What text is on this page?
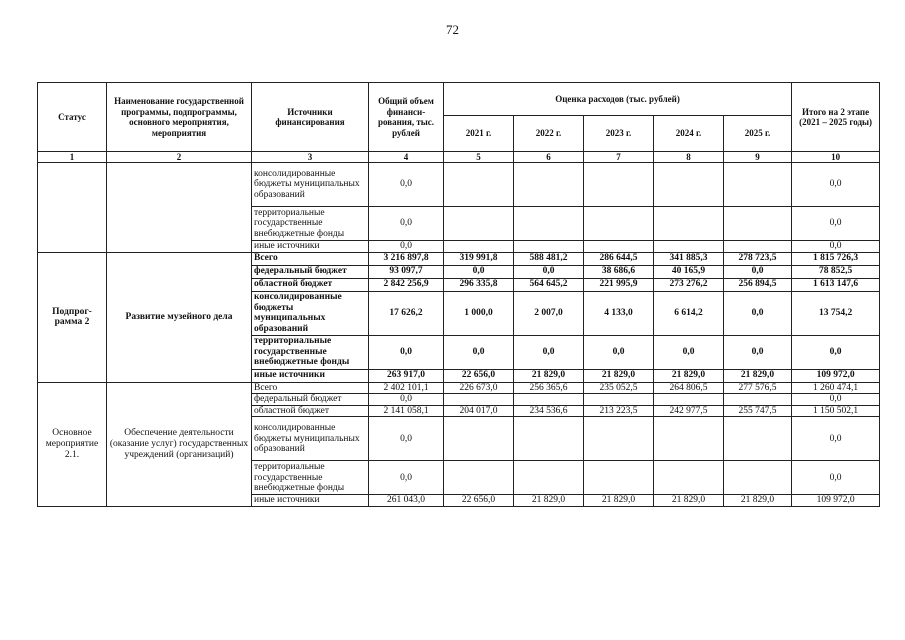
72
Статус	Наименование государственной программы, подпрограммы, основного мероприятия, мероприятия	Источники финансирования	Общий объем финанси-рования, тыс. рублей	Оценка расходов (тыс. рублей)					Итого на 2 этапе (2021 – 2025 годы)
				2021 г.	2022 г.	2023 г.	2024 г.	2025 г.	
1	2	3	4	5	6	7	8	9	10
		консолидированные бюджеты муниципальных образований	0,0						0,0
		территориальные государственные внебюджетные фонды	0,0						0,0
		иные источники	0,0						0,0
Подпрог-рамма 2	Развитие музейного дела	Всего	3 216 897,8	319 991,8	588 481,2	286 644,5	341 885,3	278 723,5	1 815 726,3
		федеральный бюджет	93 097,7	0,0	0,0	38 686,6	40 165,9	0,0	78 852,5
		областной бюджет	2 842 256,9	296 335,8	564 645,2	221 995,9	273 276,2	256 894,5	1 613 147,6
		консолидированные бюджеты муниципальных образований	17 626,2	1 000,0	2 007,0	4 133,0	6 614,2	0,0	13 754,2
		территориальные государственные внебюджетные фонды	0,0	0,0	0,0	0,0	0,0	0,0	0,0
		иные источники	263 917,0	22 656,0	21 829,0	21 829,0	21 829,0	21 829,0	109 972,0
Основное мероприятие 2.1.	Обеспечение деятельности (оказание услуг) государственных учреждений (организаций)	Всего	2 402 101,1	226 673,0	256 365,6	235 052,5	264 806,5	277 576,5	1 260 474,1
		федеральный бюджет	0,0						0,0
		областной бюджет	2 141 058,1	204 017,0	234 536,6	213 223,5	242 977,5	255 747,5	1 150 502,1
		консолидированные бюджеты муниципальных образований	0,0						0,0
		территориальные государственные внебюджетные фонды	0,0						0,0
		иные источники	261 043,0	22 656,0	21 829,0	21 829,0	21 829,0	21 829,0	109 972,0
